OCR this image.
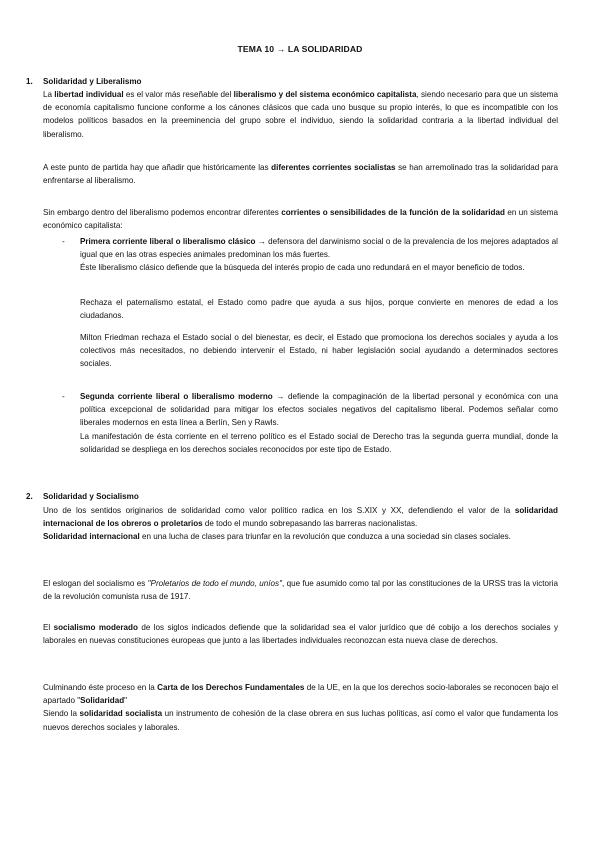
TEMA 10 → LA SOLIDARIDAD
1. Solidaridad y Liberalismo

La libertad individual es el valor más reseñable del liberalismo y del sistema económico capitalista, siendo necesario para que un sistema de economía capitalismo funcione conforme a los cánones clásicos que cada uno busque su propio interés, lo que es incompatible con los modelos políticos basados en la preeminencia del grupo sobre el individuo, siendo la solidaridad contraria a la libertad individual del liberalismo.

A este punto de partida hay que añadir que históricamente las diferentes corrientes socialistas se han arremolinado tras la solidaridad para enfrentarse al liberalismo.

Sin embargo dentro del liberalismo podemos encontrar diferentes corrientes o sensibilidades de la función de la solidaridad en un sistema económico capitalista:

- Primera corriente liberal o liberalismo clásico → defensora del darwinismo social o de la prevalencia de los mejores adaptados al igual que en las otras especies animales predominan los más fuertes.

Éste liberalismo clásico defiende que la búsqueda del interés propio de cada uno redundará en el mayor beneficio de todos.

Rechaza el paternalismo estatal, el Estado como padre que ayuda a sus hijos, porque convierte en menores de edad a los ciudadanos.

Milton Friedman rechaza el Estado social o del bienestar, es decir, el Estado que promociona los derechos sociales y ayuda a los colectivos más necesitados, no debiendo intervenir el Estado, ni haber legislación social ayudando a determinados sectores sociales.

- Segunda corriente liberal o liberalismo moderno → defiende la compaginación de la libertad personal y económica con una política excepcional de solidaridad para mitigar los efectos sociales negativos del capitalismo liberal. Podemos señalar como liberales modernos en esta línea a Berlín, Sen y Rawls.

La manifestación de ésta corriente en el terreno político es el Estado social de Derecho tras la segunda guerra mundial, donde la solidaridad se despliega en los derechos sociales reconocidos por este tipo de Estado.

2. Solidaridad y Socialismo

Uno de los sentidos originarios de solidaridad como valor político radica en los S.XIX y XX, defendiendo el valor de la solidaridad internacional de los obreros o proletarios de todo el mundo sobrepasando las barreras nacionalistas.

Solidaridad internacional en una lucha de clases para triunfar en la revolución que conduzca a una sociedad sin clases sociales.

El eslogan del socialismo es "Proletarios de todo el mundo, uníos", que fue asumido como tal por las constituciones de la URSS tras la victoria de la revolución comunista rusa de 1917.

El socialismo moderado de los siglos indicados defiende que la solidaridad sea el valor jurídico que dé cobijo a los derechos sociales y laborales en nuevas constituciones europeas que junto a las libertades individuales reconozcan esta nueva clase de derechos.

Culminando éste proceso en la Carta de los Derechos Fundamentales de la UE, en la que los derechos socio-laborales se reconocen bajo el apartado "Solidaridad"

Siendo la solidaridad socialista un instrumento de cohesión de la clase obrera en sus luchas políticas, así como el valor que fundamenta los nuevos derechos sociales y laborales.
